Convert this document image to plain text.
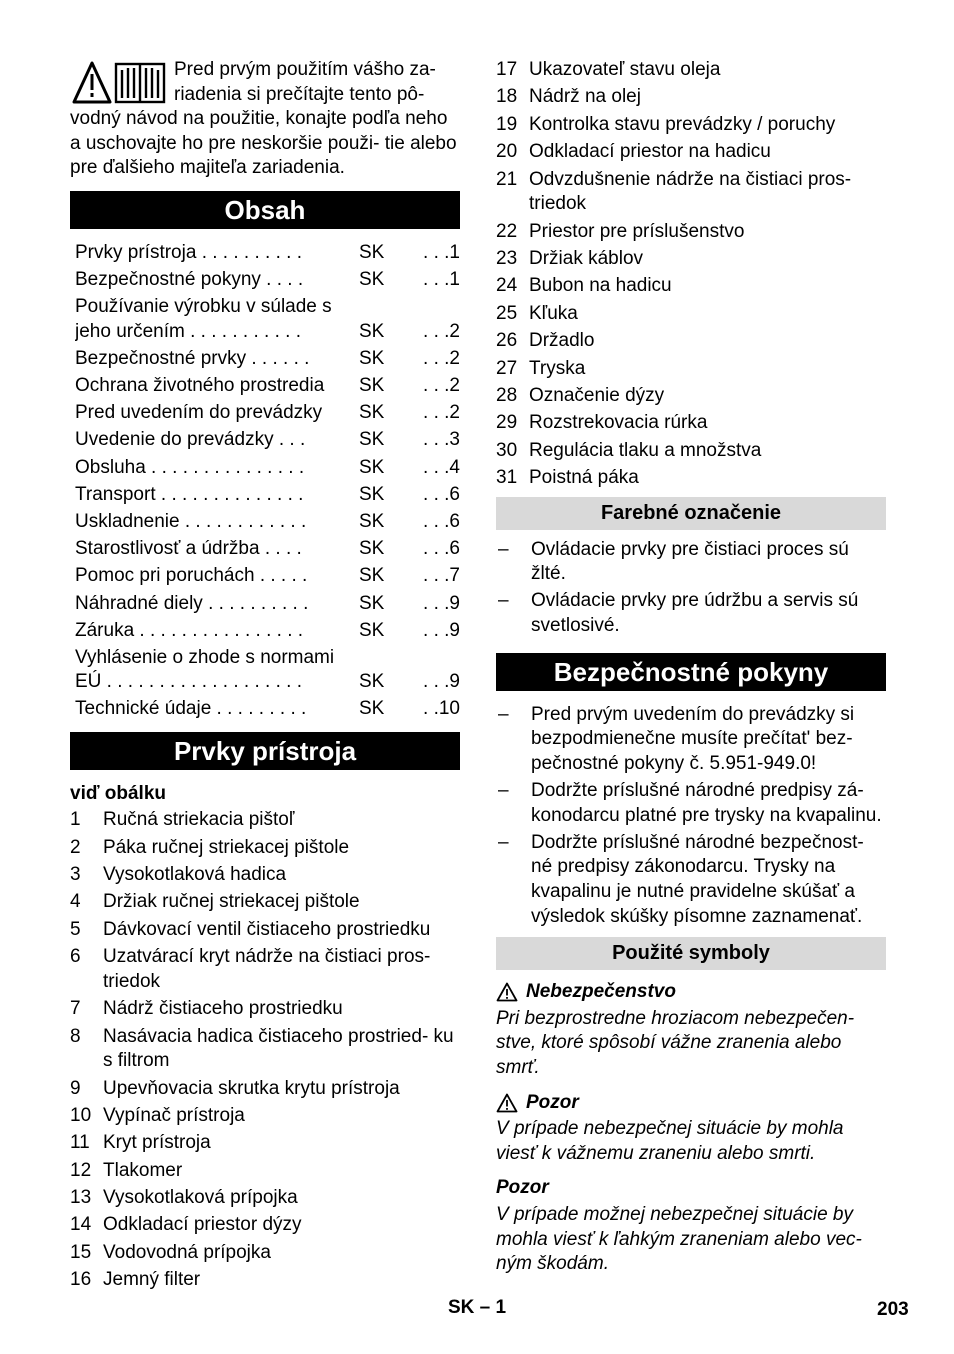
Pred prvým použitím vášho za- riadenia si prečítajte tento pô- vodný návod na použitie, konajte podľa neho a uschovajte ho pre neskoršie použi- tie alebo pre ďalšieho majiteľa zariadenia.
Obsah
Prvky prístroja . . . . . . . . . .	SK	. . .1
Bezpečnostné pokyny . . . .	SK	. . .1
Používanie výrobku v súlade s jeho určením . . . . . . . . . . .	SK	. . .2
Bezpečnostné prvky . . . . . .	SK	. . .2
Ochrana životného prostredia	SK	. . .2
Pred uvedením do prevádzky	SK	. . .2
Uvedenie do prevádzky . . .	SK	. . .3
Obsluha . . . . . . . . . . . . . . .	SK	. . .4
Transport . . . . . . . . . . . . . .	SK	. . .6
Uskladnenie . . . . . . . . . . . .	SK	. . .6
Starostlivosť a údržba . . . .	SK	. . .6
Pomoc pri poruchách . . . . .	SK	. . .7
Náhradné diely . . . . . . . . . .	SK	. . .9
Záruka . . . . . . . . . . . . . . . .	SK	. . .9
Vyhlásenie o zhode s normami EÚ . . . . . . . . . . . . . . . . . . .	SK	. . .9
Technické údaje . . . . . . . . .	SK	. .10
Prvky prístroja
viď obálku
1	Ručná striekacia pištoľ
2	Páka ručnej striekacej pištole
3	Vysokotlaková hadica
4	Držiak ručnej striekacej pištole
5	Dávkovací ventil čistiaceho prostriedku
6	Uzatvárací kryt nádrže na čistiaci pros- triedok
7	Nádrž čistiaceho prostriedku
8	Nasávacia hadica čistiaceho prostried- ku s filtrom
9	Upevňovacia skrutka krytu prístroja
10 Vypínač prístroja
11 Kryt prístroja
12 Tlakomer
13 Vysokotlaková prípojka
14 Odkladací priestor dýzy
15 Vodovodná prípojka
16 Jemný filter
17 Ukazovateľ stavu oleja
18 Nádrž na olej
19 Kontrolka stavu prevádzky / poruchy
20 Odkladací priestor na hadicu
21 Odvzdušnenie nádrže na čistiaci pros- triedok
22 Priestor pre príslušenstvo
23 Držiak káblov
24 Bubon na hadicu
25 Kľuka
26 Držadlo
27 Tryska
28 Označenie dýzy
29 Rozstrekovacia rúrka
30 Regulácia tlaku a množstva
31 Poistná páka
Farebné označenie
–	Ovládacie prvky pre čistiaci proces sú žlté.
–	Ovládacie prvky pre údržbu a servis sú svetlosivé.
Bezpečnostné pokyny
–	Pred prvým uvedením do prevádzky si bezpodmienečne musíte prečítat' bez- pečnostné pokyny č. 5.951-949.0!
–	Dodržte príslušné národné predpisy zá- konodarcu platné pre trysky na kvapalinu.
–	Dodržte príslušné národné bezpečnost- né predpisy zákonodarcu. Trysky na kvapalinu je nutné pravidelne skúšať a výsledok skúšky písomne zaznamenať.
Použité symboly
Nebezpečenstvo
Pri bezprostredne hroziacom nebezpečen- stve, ktoré spôsobí vážne zranenia alebo smrť.
Pozor
V prípade nebezpečnej situácie by mohla viesť k vážnemu zraneniu alebo smrti.
Pozor
V prípade možnej nebezpečnej situácie by mohla viesť k ľahkým zraneniam alebo vec- ným škodám.
SK – 1	203
